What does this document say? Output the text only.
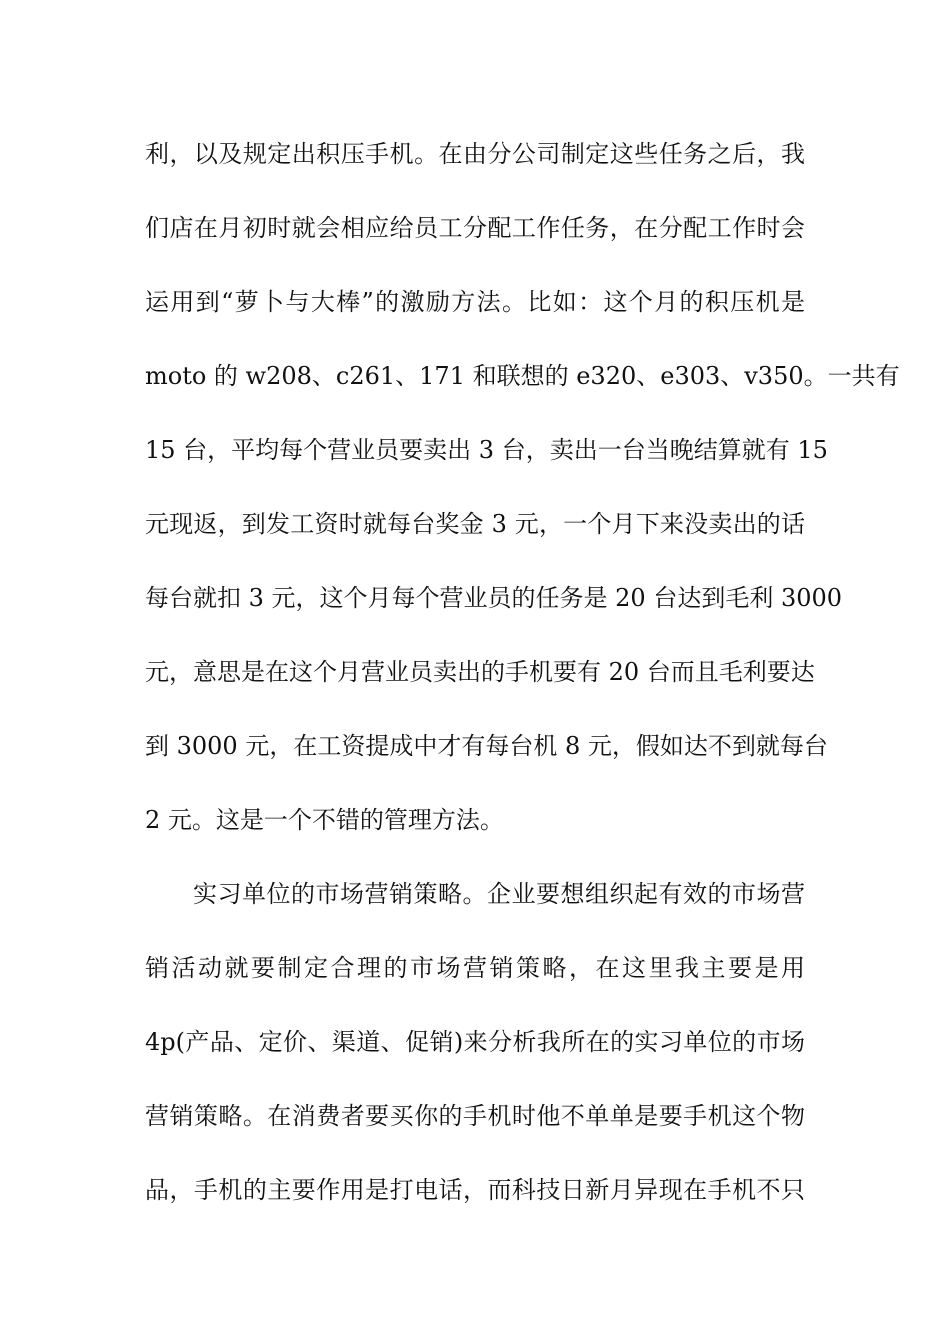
利，以及规定出积压手机。在由分公司制定这些任务之后，我
们店在月初时就会相应给员工分配工作任务，在分配工作时会
运用到“萝卜与大棒”的激励方法。比如：这个月的积压机是
moto 的 w208、c261、171 和联想的 e320、e303、v350。一共有
15 台，平均每个营业员要卖出 3 台，卖出一台当晚结算就有 15
元现返，到发工资时就每台奖金 3 元，一个月下来没卖出的话
每台就扣 3 元，这个月每个营业员的任务是 20 台达到毛利 3000
元，意思是在这个月营业员卖出的手机要有 20 台而且毛利要达
到 3000 元，在工资提成中才有每台机 8 元，假如达不到就每台
2 元。这是一个不错的管理方法。
实习单位的市场营销策略。企业要想组织起有效的市场营
销活动就要制定合理的市场营销策略，在这里我主要是用
4p(产品、定价、渠道、促销)来分析我所在的实习单位的市场
营销策略。在消费者要买你的手机时他不单单是要手机这个物
品，手机的主要作用是打电话，而科技日新月异现在手机不只
